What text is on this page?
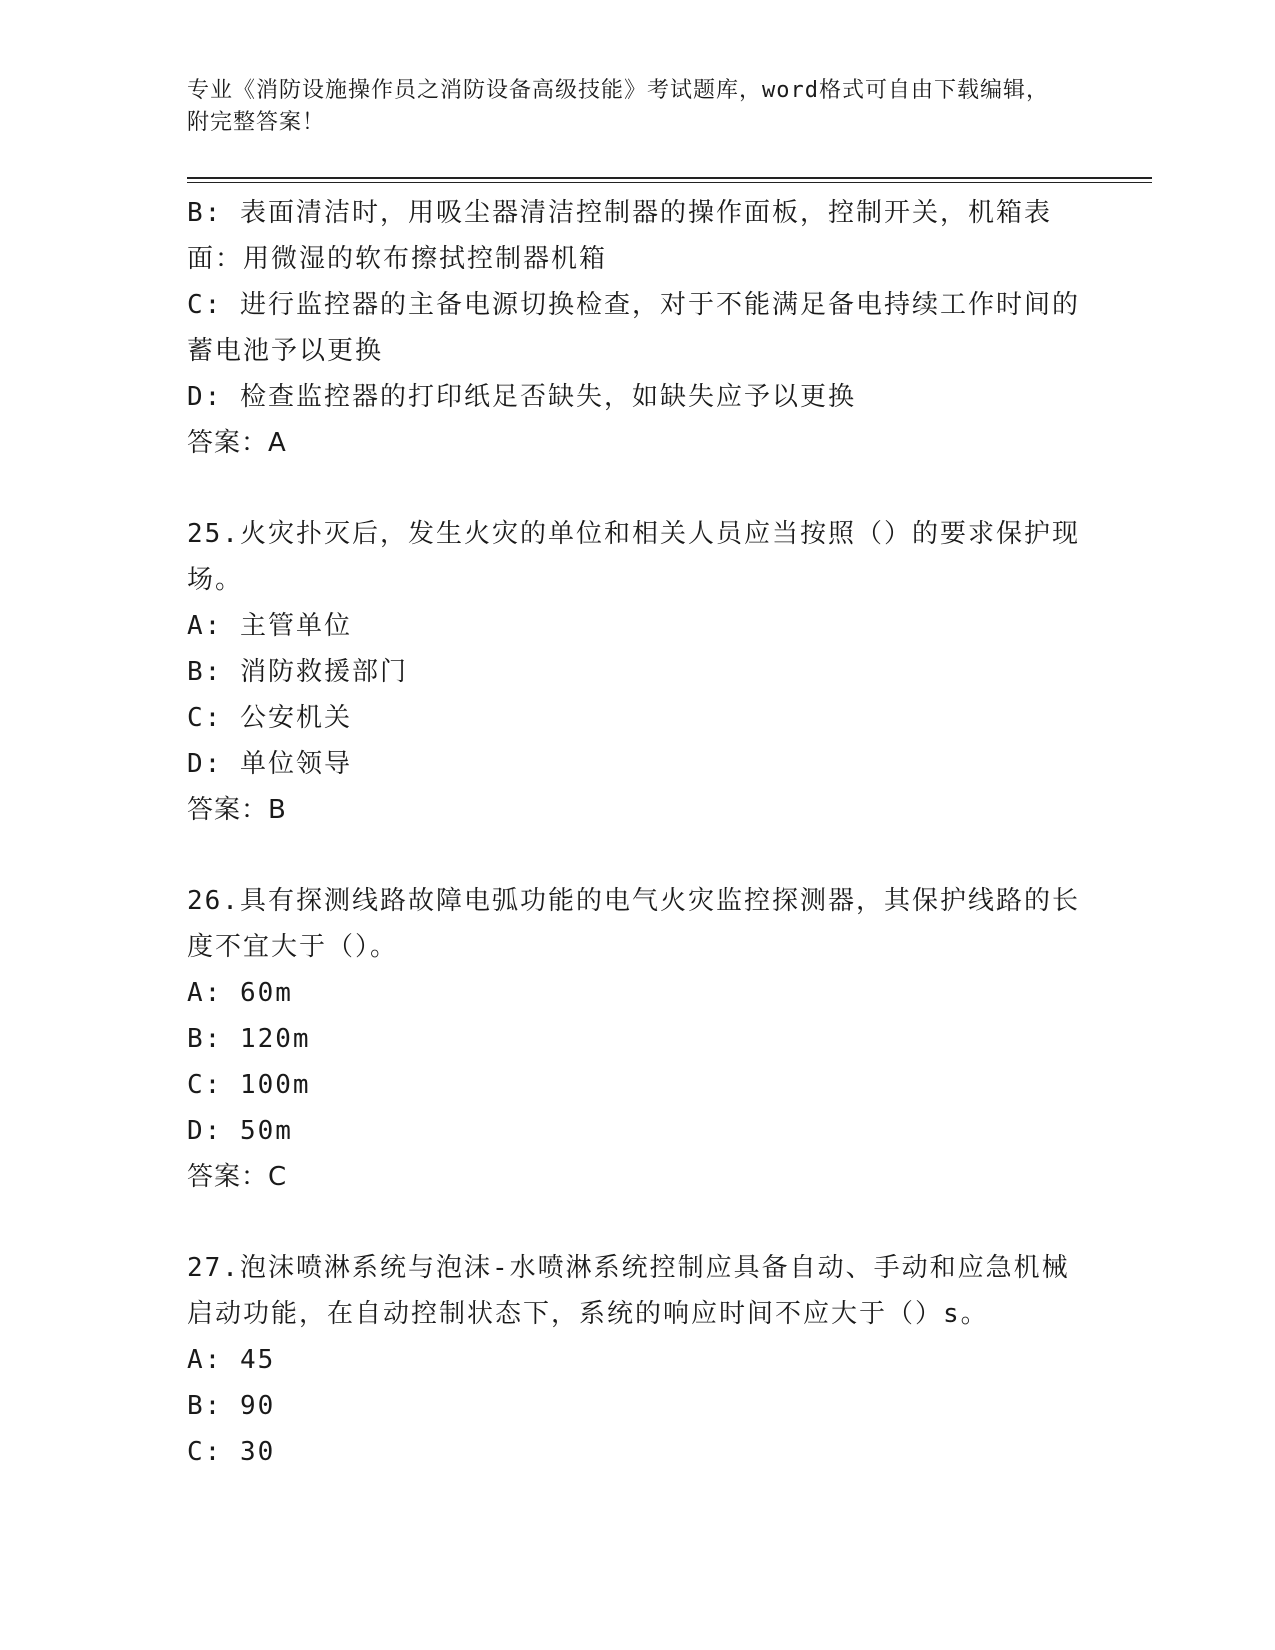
专业《消防设施操作员之消防设备高级技能》考试题库，word格式可自由下载编辑，附完整答案！
B: 表面清洁时，用吸尘器清洁控制器的操作面板，控制开关，机箱表面：用微湿的软布擦拭控制器机箱
C: 进行监控器的主备电源切换检查，对于不能满足备电持续工作时间的蓄电池予以更换
D: 检查监控器的打印纸足否缺失，如缺失应予以更换
答案：A
25.火灾扑灭后，发生火灾的单位和相关人员应当按照（）的要求保护现场。
A: 主管单位
B: 消防救援部门
C: 公安机关
D: 单位领导
答案：B
26.具有探测线路故障电弧功能的电气火灾监控探测器，其保护线路的长度不宜大于（）。
A: 60m
B: 120m
C: 100m
D: 50m
答案：C
27.泡沫喷淋系统与泡沫-水喷淋系统控制应具备自动、手动和应急机械启动功能，在自动控制状态下，系统的响应时间不应大于（）s。
A: 45
B: 90
C: 30
